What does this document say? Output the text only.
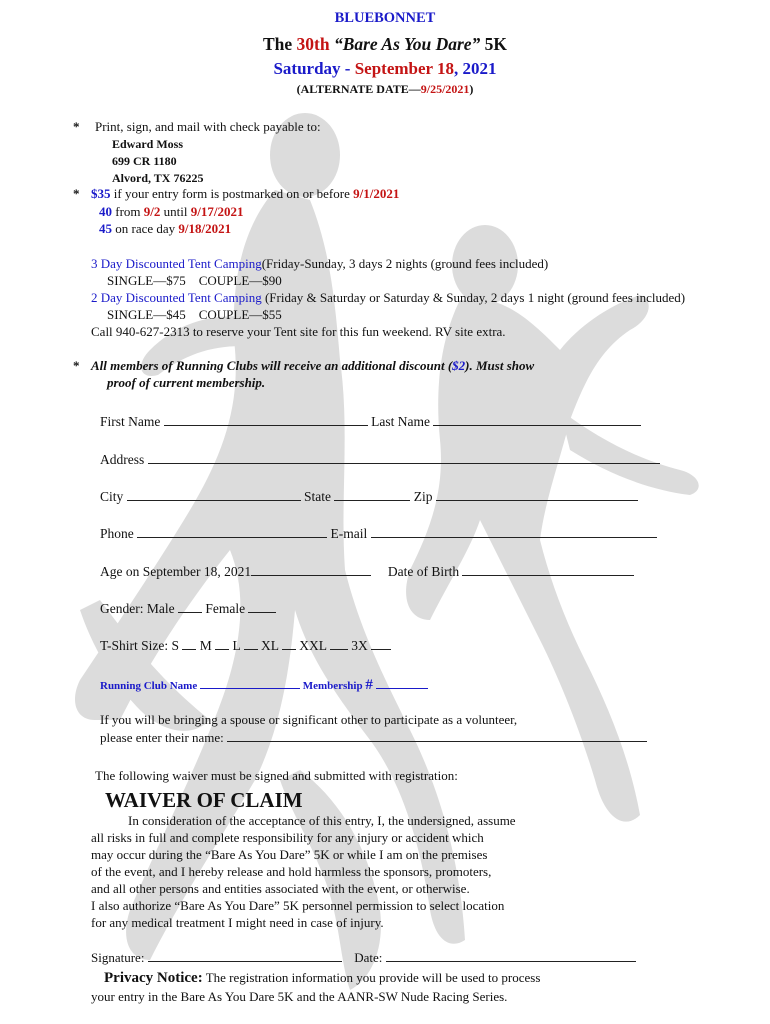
BLUEBONNET
The 30th “Bare As You Dare” 5K
Saturday - September 18, 2021
(ALTERNATE DATE—9/25/2021)
* Print, sign, and mail with check payable to:
Edward Moss
699 CR 1180
Alvord, TX 76225
* $35 if your entry form is postmarked on or before 9/1/2021
40 from 9/2 until 9/17/2021
45 on race day 9/18/2021
3 Day Discounted Tent Camping(Friday-Sunday, 3 days 2 nights (ground fees included)
SINGLE—$75    COUPLE—$90
2 Day Discounted Tent Camping (Friday & Saturday or Saturday & Sunday, 2 days 1 night (ground fees included)
SINGLE—$45    COUPLE—$55
Call 940-627-2313 to reserve your Tent site for this fun weekend. RV site extra.
* All members of Running Clubs will receive an additional discount ($2). Must show
proof of current membership.
First Name	Last Name
Address
City	State	Zip
Phone	E-mail
Age on September 18, 2021	Date of Birth
Gender: Male Female
T-Shirt Size: S M L XL XXL 3X
Running Club Name	Membership #
If you will be bringing a spouse or significant other to participate as a volunteer,
please enter their name:
The following waiver must be signed and submitted with registration:
WAIVER OF CLAIM
In consideration of the acceptance of this entry, I, the undersigned, assume
all risks in full and complete responsibility for any injury or accident which
may occur during the “Bare As You Dare” 5K or while I am on the premises
of the event, and I hereby release and hold harmless the sponsors, promoters,
and all other persons and entities associated with the event, or otherwise.
I also authorize “Bare As You Dare” 5K personnel permission to select location
for any medical treatment I might need in case of injury.
Signature:	Date:
Privacy Notice: The registration information you provide will be used to process
your entry in the Bare As You Dare 5K and the AANR-SW Nude Racing Series.
